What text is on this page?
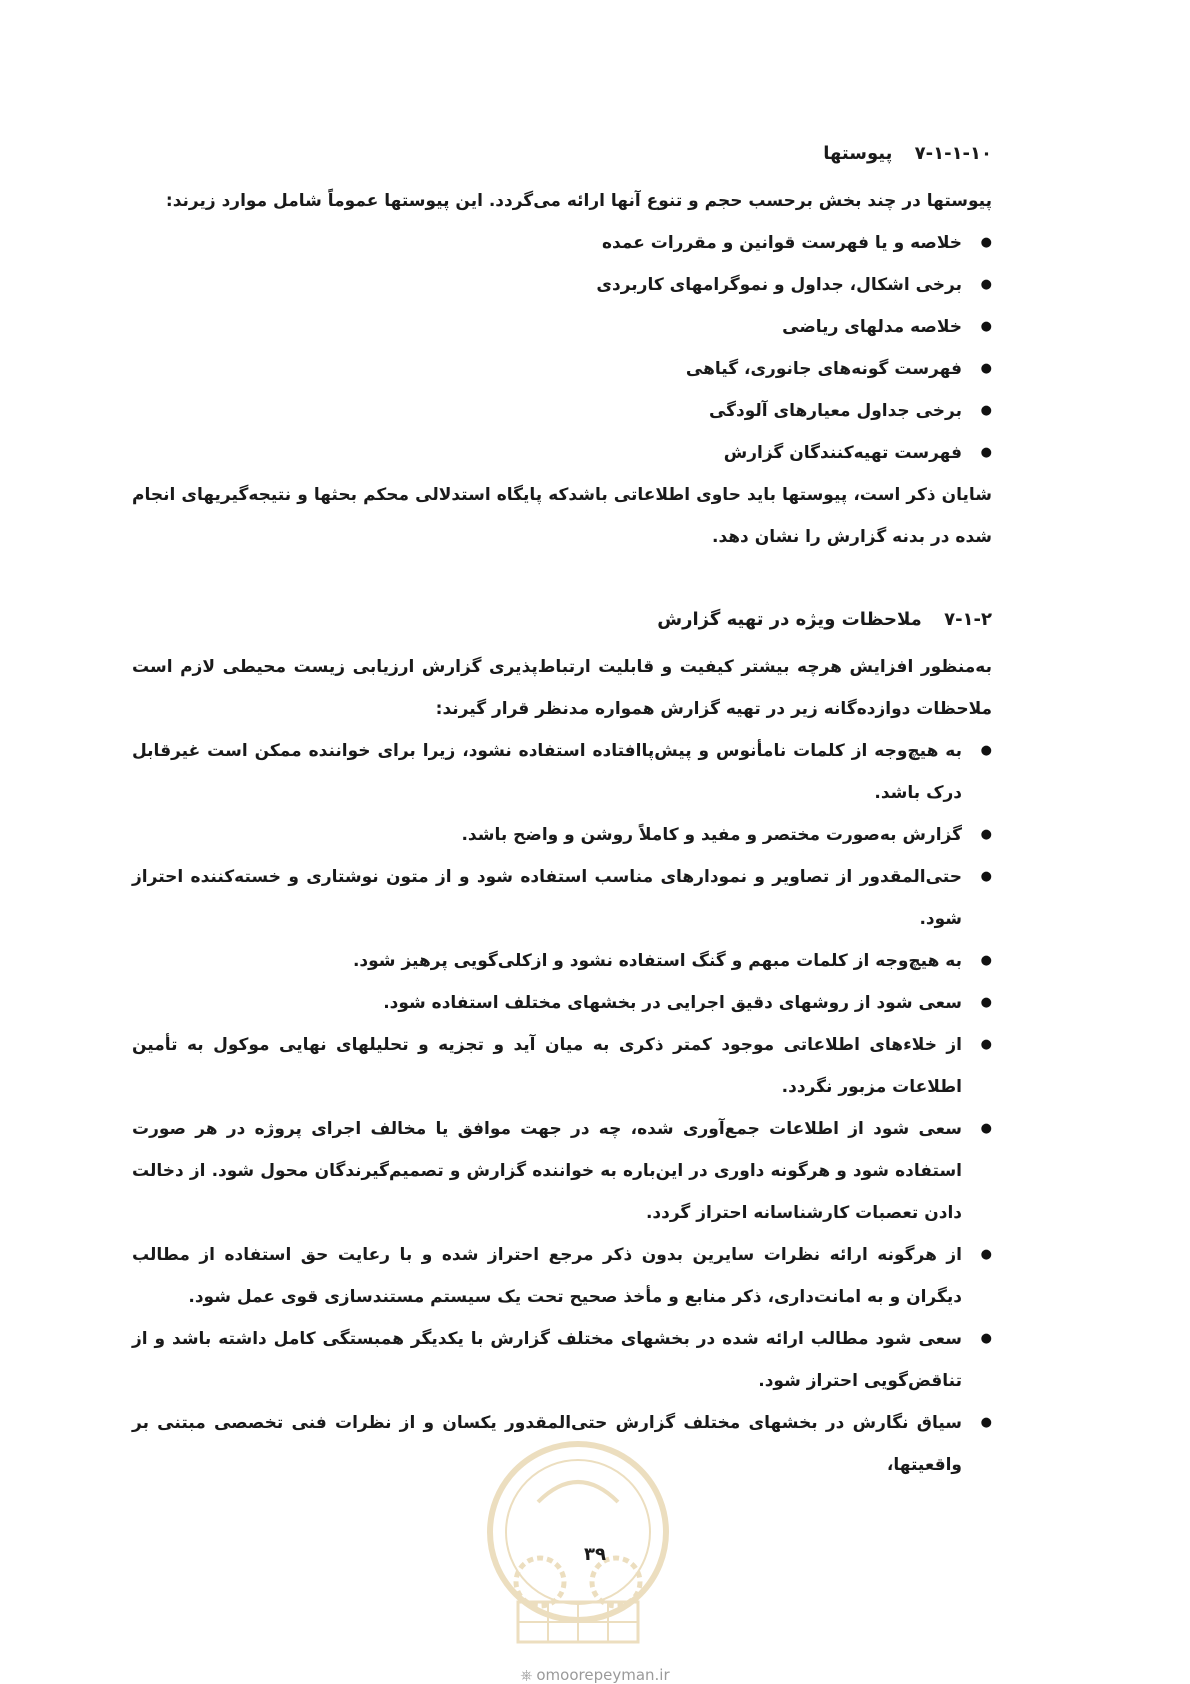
۷-۱-۱-۱۰ پیوستها

پیوستها در چند بخش برحسب حجم و تنوع آنها ارائه می‌گردد. این پیوستها عموماً شامل موارد زیرند:

● خلاصه و یا فهرست قوانین و مقررات عمده
● برخی اشکال، جداول و نموگرامهای کاربردی
● خلاصه مدلهای ریاضی
● فهرست گونه‌های جانوری، گیاهی
● برخی جداول معیارهای آلودگی
● فهرست تهیه‌کنندگان گزارش

شایان ذکر است، پیوستها باید حاوی اطلاعاتی باشدکه پایگاه استدلالی محکم بحثها و نتیجه‌گیریهای انجام شده در بدنه گزارش را نشان دهد.

۷-۱-۲ ملاحظات ویژه در تهیه گزارش

به‌منظور افزایش هرچه بیشتر کیفیت و قابلیت ارتباط‌پذیری گزارش ارزیابی زیست محیطی لازم است ملاحظات دوازده‌گانه زیر در تهیه گزارش همواره مدنظر قرار گیرند:

● به هیچ‌وجه از کلمات نامأنوس و پیش‌پاافتاده استفاده نشود، زیرا برای خواننده ممکن است غیرقابل درک باشد.
● گزارش به‌صورت مختصر و مفید و کاملاً روشن و واضح باشد.
● حتی‌المقدور از تصاویر و نمودارهای مناسب استفاده شود و از متون نوشتاری و خسته‌کننده احتراز شود.
● به هیچ‌وجه از کلمات مبهم و گنگ استفاده نشود و ازکلی‌گویی پرهیز شود.
● سعی شود از روشهای دقیق اجرایی در بخشهای مختلف استفاده شود.
● از خلاءهای اطلاعاتی موجود کمتر ذکری به میان آید و تجزیه و تحلیلهای نهایی موکول به تأمین اطلاعات مزبور نگردد.
● سعی شود از اطلاعات جمع‌آوری شده، چه در جهت موافق یا مخالف اجرای پروژه در هر صورت استفاده شود و هرگونه داوری در این‌باره به خواننده گزارش و تصمیم‌گیرندگان محول شود. از دخالت دادن تعصبات کارشناسانه احتراز گردد.
● از هرگونه ارائه نظرات سایرین بدون ذکر مرجع احتراز شده و با رعایت حق استفاده از مطالب دیگران و به امانت‌داری، ذکر منابع و مأخذ صحیح تحت یک سیستم مستندسازی قوی عمل شود.
● سعی شود مطالب ارائه شده در بخشهای مختلف گزارش با یکدیگر همبستگی کامل داشته باشد و از تناقض‌گویی احتراز شود.
● سیاق نگارش در بخشهای مختلف گزارش حتی‌المقدور یکسان و از نظرات فنی تخصصی مبتنی بر واقعیتها،
۳۹
⎈ omoorepeyman.ir
